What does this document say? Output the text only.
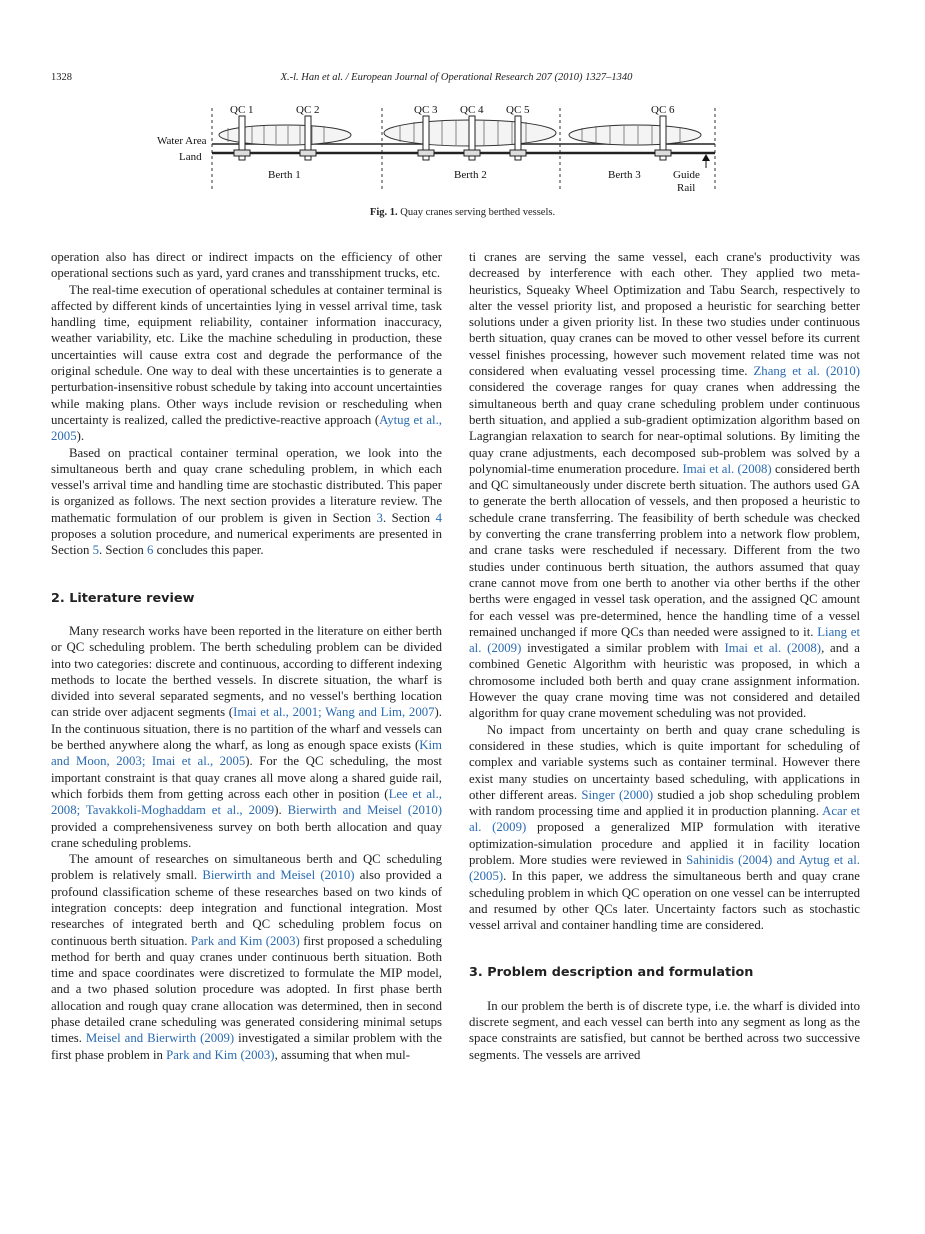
1328	X.-l. Han et al. / European Journal of Operational Research 207 (2010) 1327–1340
QC 1	QC 2	QC 3 QC 4 QC 5	QC 6
Water Area
Land
Berth 1	Berth 2	Berth 3	Guide
Rail
Fig. 1. Quay cranes serving berthed vessels.

operation also has direct or indirect impacts on the efficiency of other operational sections such as yard, yard cranes and transshipment trucks, etc.

The real-time execution of operational schedules at container terminal is affected by different kinds of uncertainties lying in vessel arrival time, task handling time, equipment reliability, container information inaccuracy, weather variability, etc. Like the machine scheduling in production, these uncertainties will cause extra cost and degrade the performance of the original schedule. One way to deal with these uncertainties is to generate a perturbation-insensitive robust schedule by taking into account uncertainties while making plans. Other ways include revision or rescheduling when uncertainty is realized, called the predictive-reactive approach (Aytug et al., 2005).

Based on practical container terminal operation, we look into the simultaneous berth and quay crane scheduling problem, in which each vessel's arrival time and handling time are stochastic distributed. This paper is organized as follows. The next section provides a literature review. The mathematic formulation of our problem is given in Section 3. Section 4 proposes a solution procedure, and numerical experiments are presented in Section 5. Section 6 concludes this paper.

2. Literature review

Many research works have been reported in the literature on either berth or QC scheduling problem. The berth scheduling problem can be divided into two categories: discrete and continuous, according to different indexing methods to locate the berthed vessels. In discrete situation, the wharf is divided into several separated segments, and no vessel's berthing location can stride over adjacent segments (Imai et al., 2001; Wang and Lim, 2007). In the continuous situation, there is no partition of the wharf and vessels can be berthed anywhere along the wharf, as long as enough space exists (Kim and Moon, 2003; Imai et al., 2005). For the QC scheduling, the most important constraint is that quay cranes all move along a shared guide rail, which forbids them from getting across each other in position (Lee et al., 2008; Tavakkoli-Moghaddam et al., 2009). Bierwirth and Meisel (2010) provided a comprehensiveness survey on both berth allocation and quay crane scheduling problems.

The amount of researches on simultaneous berth and QC scheduling problem is relatively small. Bierwirth and Meisel (2010) also provided a profound classification scheme of these researches based on two kinds of integration concepts: deep integration and functional integration. Most researches of integrated berth and QC scheduling problem focus on continuous berth situation. Park and Kim (2003) first proposed a scheduling method for berth and quay cranes under continuous berth situation. Both time and space coordinates were discretized to formulate the MIP model, and a two phased solution procedure was adopted. In first phase berth allocation and rough quay crane allocation was determined, then in second phase detailed crane scheduling was generated considering minimal setups times. Meisel and Bierwirth (2009) investigated a similar problem with the first phase problem in Park and Kim (2003), assuming that when mul-

ti cranes are serving the same vessel, each crane's productivity was decreased by interference with each other. They applied two meta-heuristics, Squeaky Wheel Optimization and Tabu Search, respectively to alter the vessel priority list, and proposed a heuristic for searching better solutions under a given priority list. In these two studies under continuous berth situation, quay cranes can be moved to other vessel before its current vessel finishes processing, however such movement related time was not considered when evaluating vessel processing time. Zhang et al. (2010) considered the coverage ranges for quay cranes when addressing the simultaneous berth and quay crane scheduling problem under continuous berth situation, and applied a sub-gradient optimization algorithm based on Lagrangian relaxation to search for near-optimal solutions. By limiting the quay crane adjustments, each decomposed sub-problem was solved by a polynomial-time enumeration procedure. Imai et al. (2008) considered berth and QC simultaneously under discrete berth situation. The authors used GA to generate the berth allocation of vessels, and then proposed a heuristic to schedule crane transferring. The feasibility of berth schedule was checked by converting the crane transferring problem into a network flow problem, and crane tasks were rescheduled if necessary. Different from the two studies under continuous berth situation, the authors assumed that quay crane cannot move from one berth to another via other berths if the other berths were engaged in vessel task operation, and the assigned QC amount for each vessel was pre-determined, hence the handling time of a vessel remained unchanged if more QCs than needed were assigned to it. Liang et al. (2009) investigated a similar problem with Imai et al. (2008), and a combined Genetic Algorithm with heuristic was proposed, in which a chromosome included both berth and quay crane assignment information. However the quay crane moving time was not considered and detailed algorithm for quay crane movement scheduling was not provided.

No impact from uncertainty on berth and quay crane scheduling is considered in these studies, which is quite important for scheduling of complex and variable systems such as container terminal. However there exist many studies on uncertainty based scheduling, with applications in other different areas. Singer (2000) studied a job shop scheduling problem with random processing time and applied it in production planning. Acar et al. (2009) proposed a generalized MIP formulation with iterative optimization-simulation procedure and applied it in facility location problem. More studies were reviewed in Sahinidis (2004) and Aytug et al. (2005). In this paper, we address the simultaneous berth and quay crane scheduling problem in which QC operation on one vessel can be interrupted and resumed by other QCs later. Uncertainty factors such as stochastic vessel arrival and container handling time are considered.

3. Problem description and formulation

In our problem the berth is of discrete type, i.e. the wharf is divided into discrete segment, and each vessel can berth into any segment as long as the space constraints are satisfied, but cannot be berthed across two successive segments. The vessels are arrived
